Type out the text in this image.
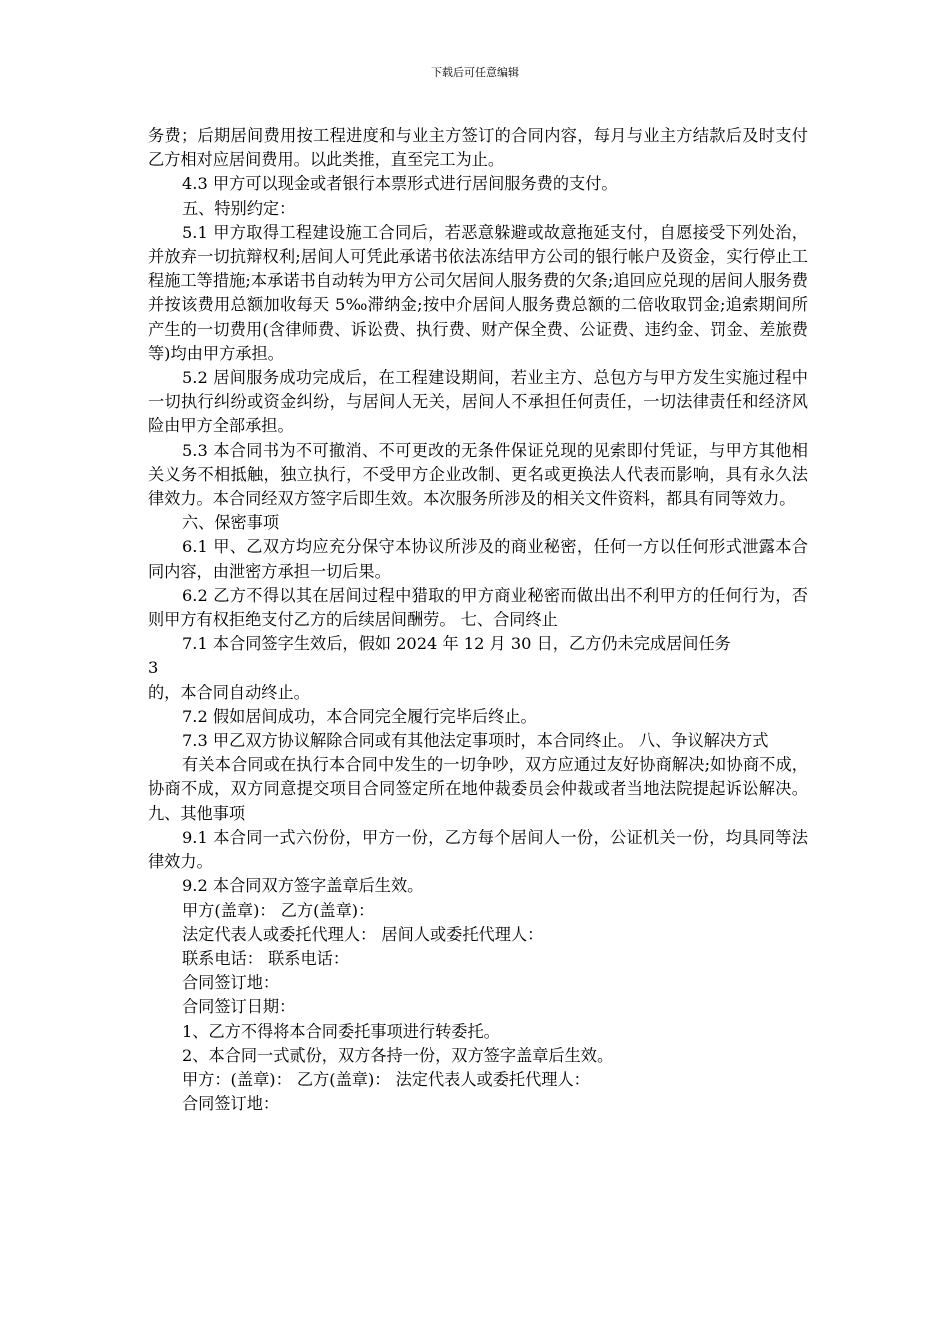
下载后可任意编辑

务费；后期居间费用按工程进度和与业主方签订的合同内容，每月与业主方结款后及时支付乙方相对应居间费用。以此类推，直至完工为止。

4.3 甲方可以现金或者银行本票形式进行居间服务费的支付。

五、特别约定：

5.1 甲方取得工程建设施工合同后，若恶意躲避或故意拖延支付，自愿接受下列处治，并放弃一切抗辩权利;居间人可凭此承诺书依法冻结甲方公司的银行帐户及资金，实行停止工程施工等措施;本承诺书自动转为甲方公司欠居间人服务费的欠条;追回应兑现的居间人服务费并按该费用总额加收每天 5‰滞纳金;按中介居间人服务费总额的二倍收取罚金;追索期间所产生的一切费用(含律师费、诉讼费、执行费、财产保全费、公证费、违约金、罚金、差旅费等)均由甲方承担。

5.2 居间服务成功完成后，在工程建设期间，若业主方、总包方与甲方发生实施过程中一切执行纠纷或资金纠纷，与居间人无关，居间人不承担任何责任，一切法律责任和经济风险由甲方全部承担。

5.3 本合同书为不可撤消、不可更改的无条件保证兑现的见索即付凭证，与甲方其他相关义务不相抵触，独立执行，不受甲方企业改制、更名或更换法人代表而影响，具有永久法律效力。本合同经双方签字后即生效。本次服务所涉及的相关文件资料，都具有同等效力。

六、保密事项

6.1 甲、乙双方均应充分保守本协议所涉及的商业秘密，任何一方以任何形式泄露本合同内容，由泄密方承担一切后果。

6.2 乙方不得以其在居间过程中猎取的甲方商业秘密而做出出不利甲方的任何行为，否则甲方有权拒绝支付乙方的后续居间酬劳。 七、合同终止

7.1 本合同签字生效后，假如 2024 年 12 月 30 日，乙方仍未完成居间任务

3

的，本合同自动终止。

7.2 假如居间成功，本合同完全履行完毕后终止。

7.3 甲乙双方协议解除合同或有其他法定事项时，本合同终止。 八、争议解决方式

有关本合同或在执行本合同中发生的一切争吵，双方应通过友好协商解决;如协商不成，协商不成，双方同意提交项目合同签定所在地仲裁委员会仲裁或者当地法院提起诉讼解决。 九、其他事项

9.1 本合同一式六份份，甲方一份，乙方每个居间人一份，公证机关一份，均具同等法律效力。

9.2 本合同双方签字盖章后生效。

甲方(盖章)： 乙方(盖章)：

法定代表人或委托代理人： 居间人或委托代理人：

联系电话： 联系电话：

合同签订地：

合同签订日期：

1、乙方不得将本合同委托事项进行转委托。

2、本合同一式贰份，双方各持一份，双方签字盖章后生效。

甲方：(盖章)： 乙方(盖章)： 法定代表人或委托代理人：

合同签订地：
